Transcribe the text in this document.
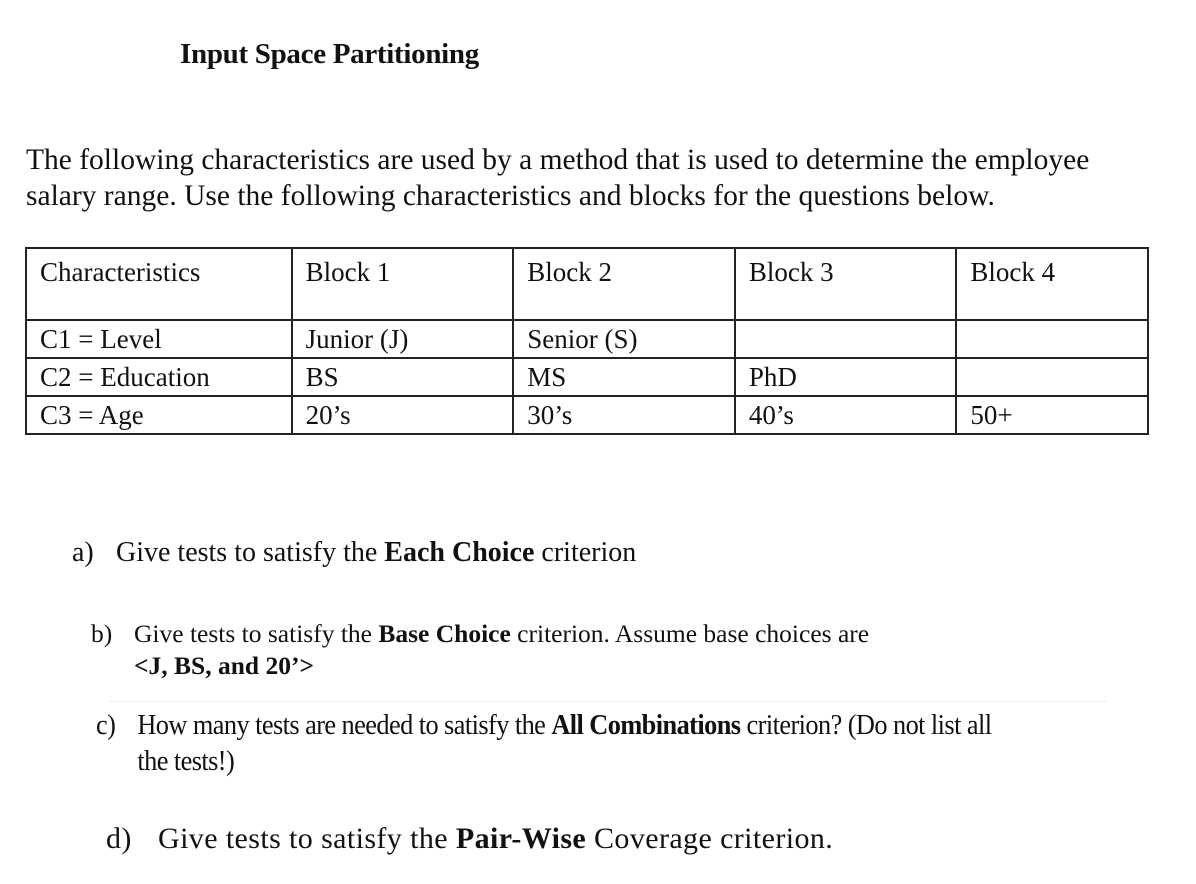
Input Space Partitioning

The following characteristics are used by a method that is used to determine the employee

salary range. Use the following characteristics and blocks for the questions below.

Characteristics	Block 1	Block 2	Block 3	Block 4
C1 = Level	Junior (J)	Senior (S)		
C2 = Education	BS	MS	PhD	
C3 = Age	20’s	30’s	40’s	50+
a) Give tests to satisfy the Each Choice criterion
b) Give tests to satisfy the Base Choice criterion. Assume base choices are
<J, BS, and 20’>
c) How many tests are needed to satisfy the All Combinations criterion? (Do not list all
the tests!)
d) Give tests to satisfy the Pair-Wise Coverage criterion.
